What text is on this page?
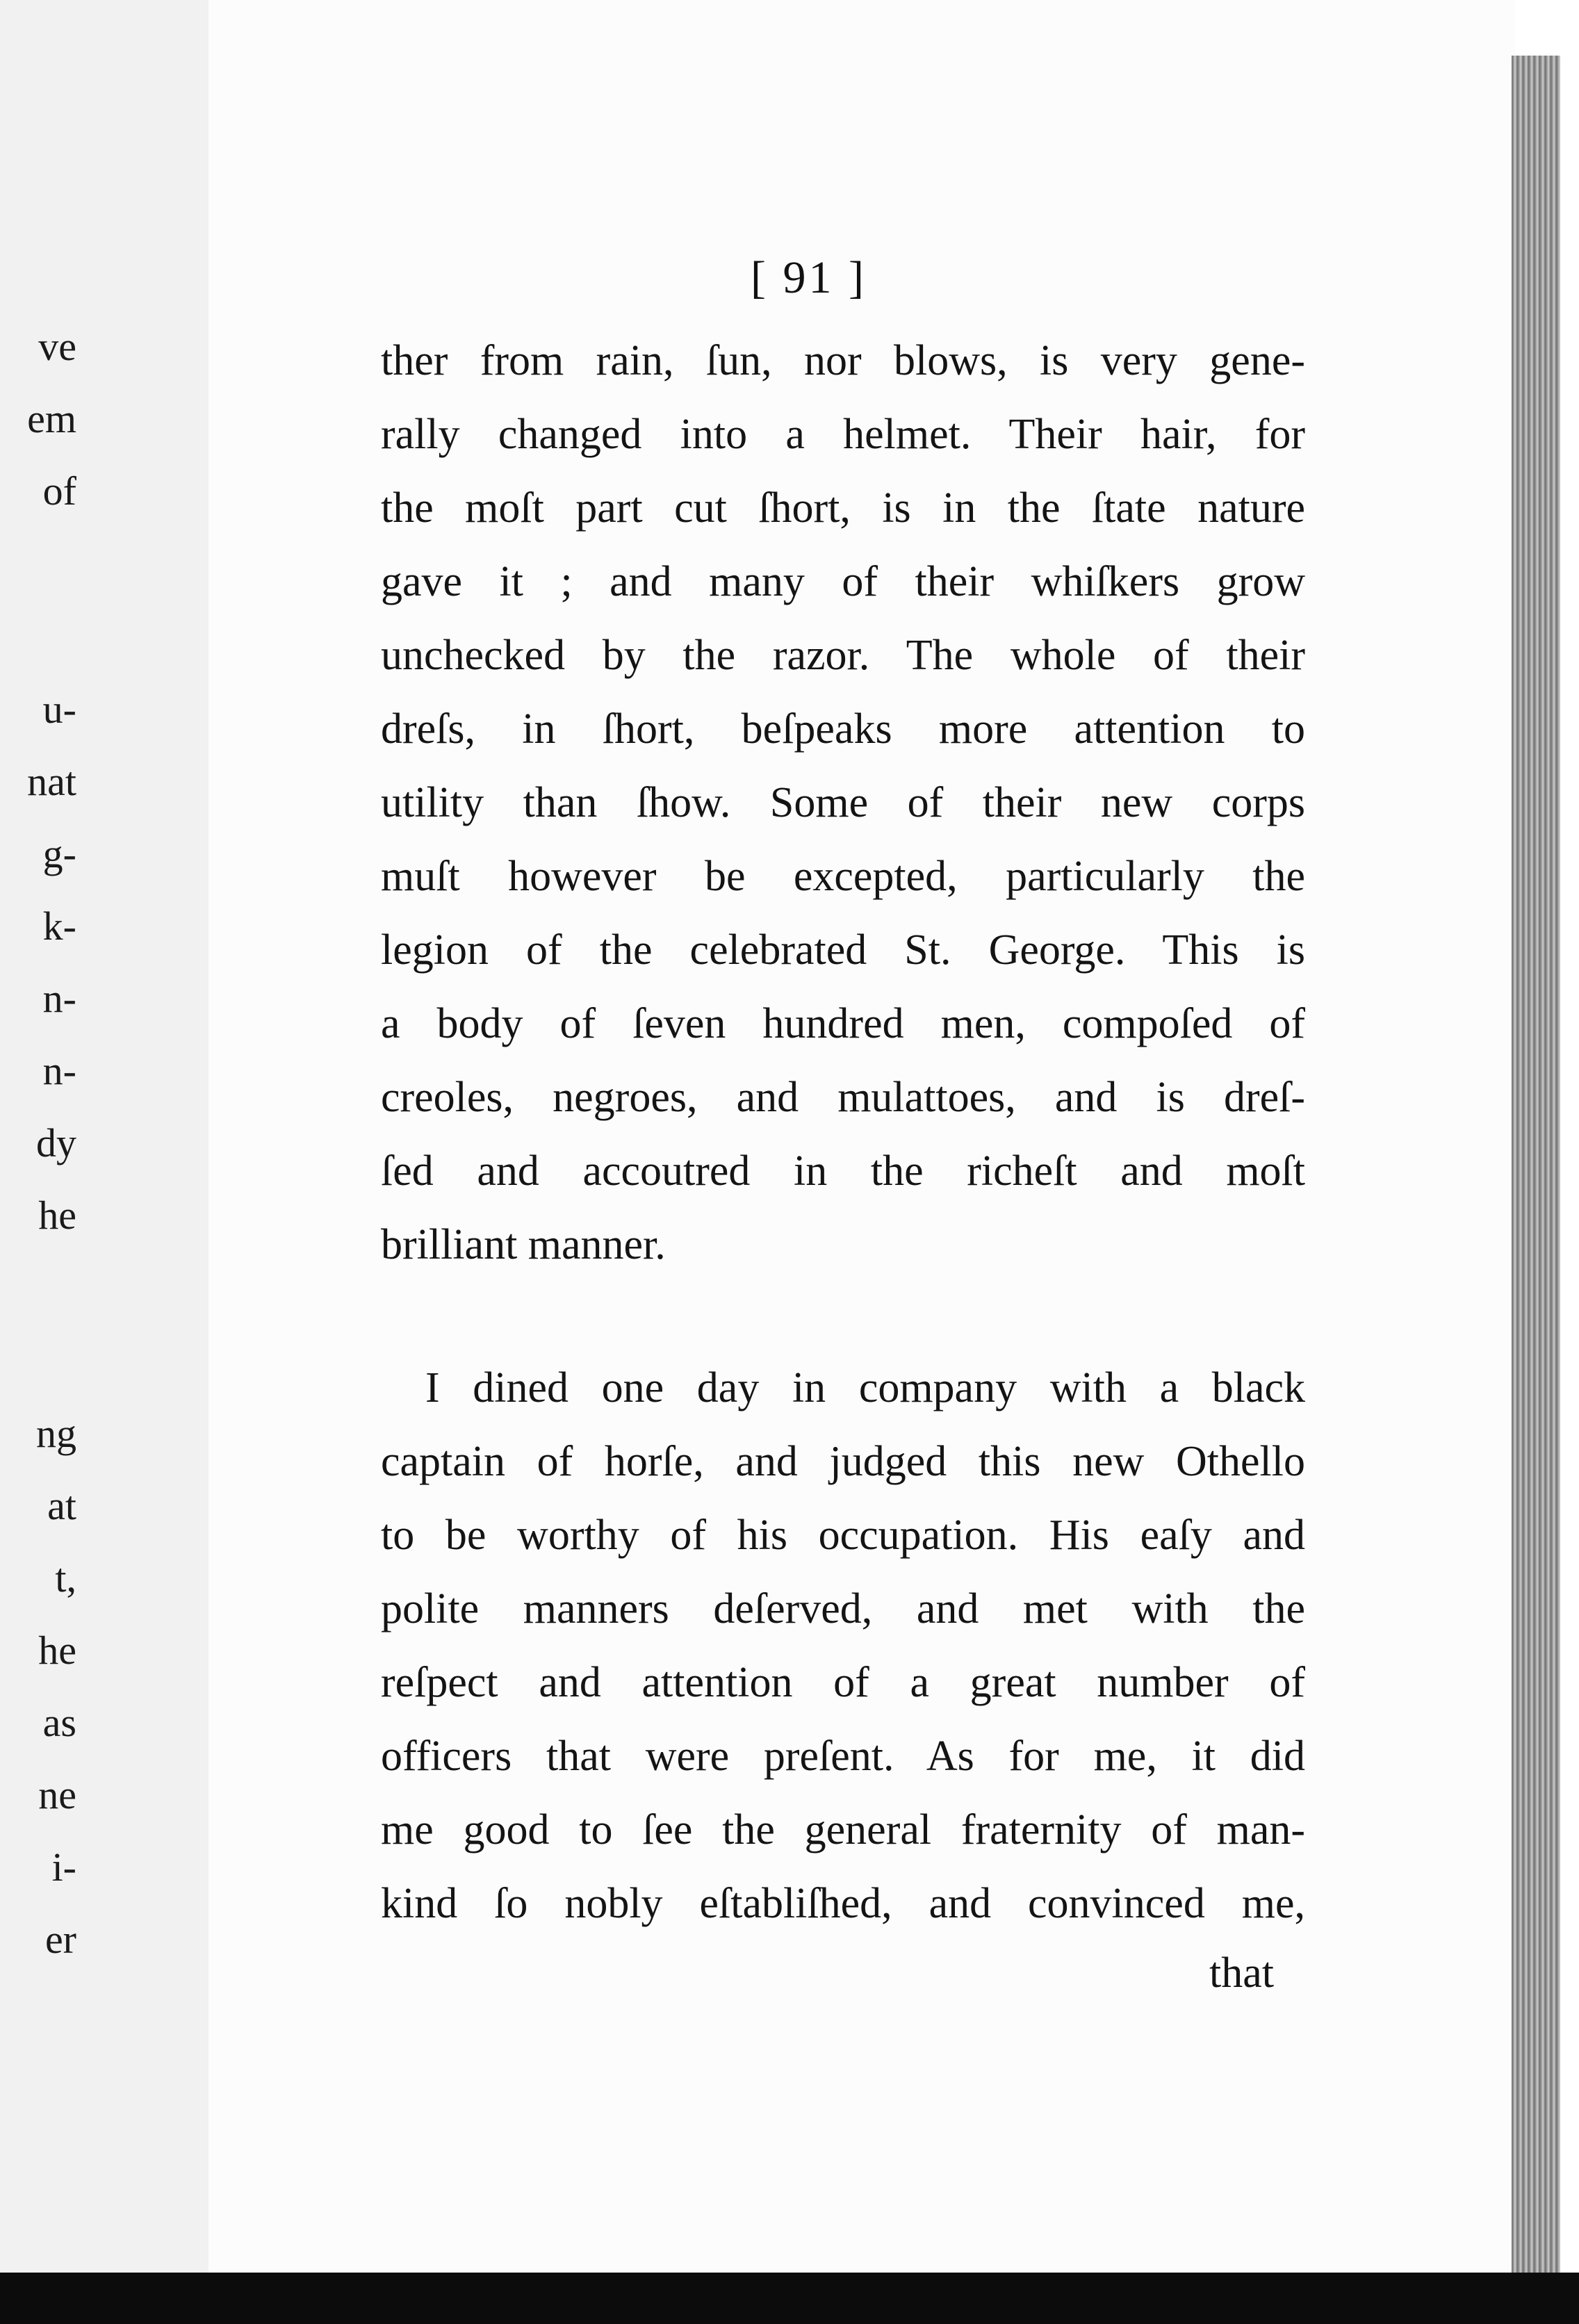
ve
em
of
u-
nat
g-
k-
n-
n-
dy
he
ng
at
t,
he
as
ne
i-
er
[ 91 ]
ther from rain, ſun, nor blows, is very gene-
rally changed into a helmet. Their hair, for
the moſt part cut ſhort, is in the ſtate nature
gave it ; and many of their whiſkers grow
unchecked by the razor. The whole of their
dreſs, in ſhort, beſpeaks more attention to
utility than ſhow. Some of their new corps
muſt however be excepted, particularly the
legion of the celebrated St. George. This is
a body of ſeven hundred men, compoſed of
creoles, negroes, and mulattoes, and is dreſ-
ſed and accoutred in the richeſt and moſt
brilliant manner.
I dined one day in company with a black
captain of horſe, and judged this new Othello
to be worthy of his occupation. His eaſy and
polite manners deſerved, and met with the
reſpect and attention of a great number of
officers that were preſent. As for me, it did
me good to ſee the general fraternity of man-
kind ſo nobly eſtabliſhed, and convinced me,
that
